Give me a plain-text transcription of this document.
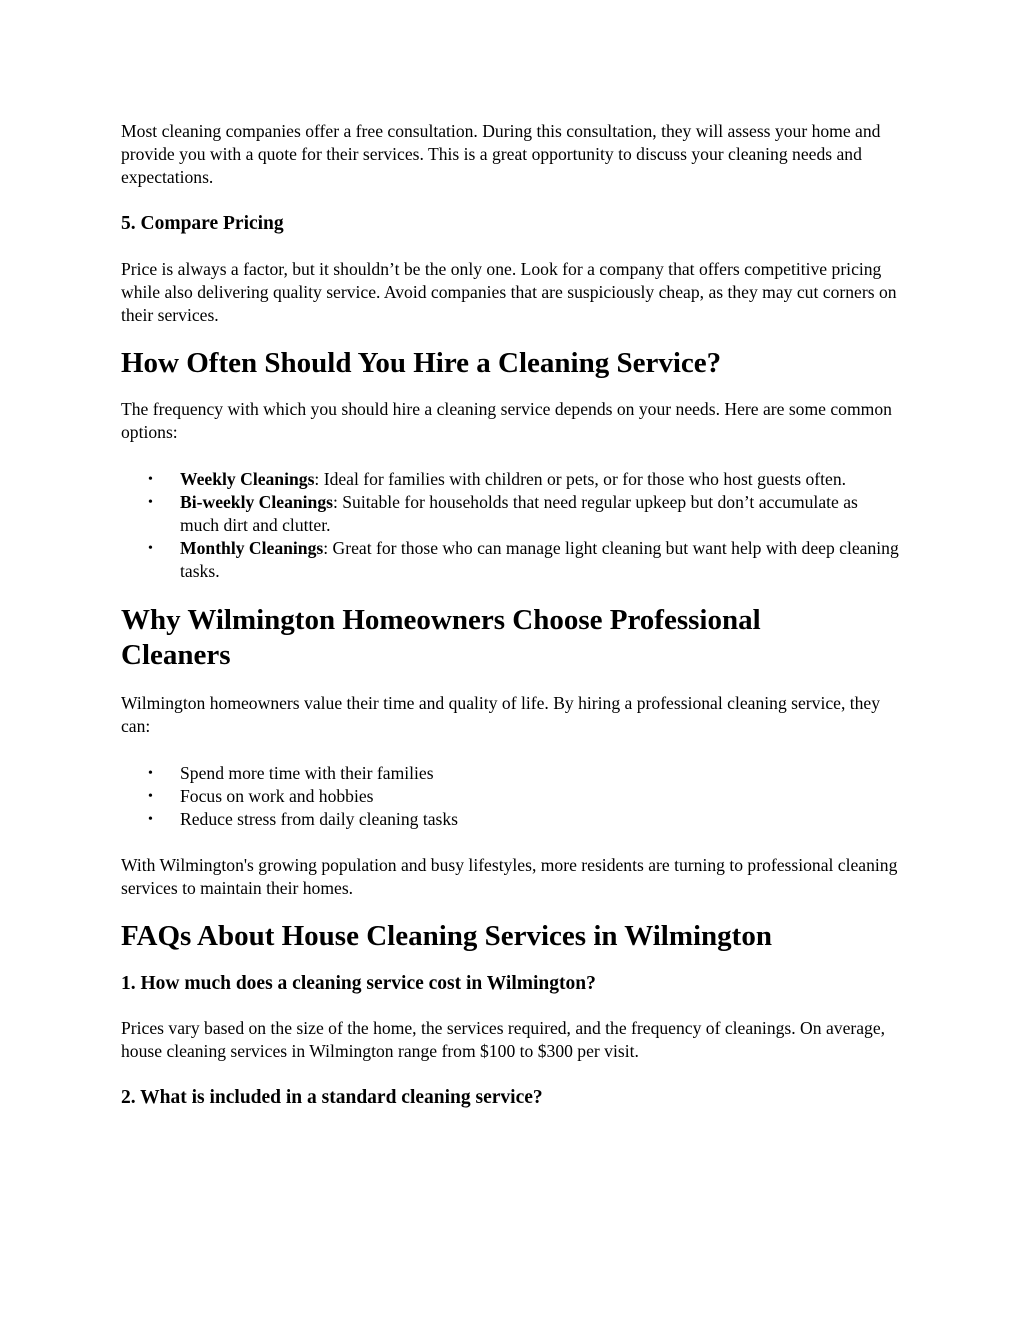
Most cleaning companies offer a free consultation. During this consultation, they will assess your home and provide you with a quote for their services. This is a great opportunity to discuss your cleaning needs and expectations.

5. Compare Pricing

Price is always a factor, but it shouldn’t be the only one. Look for a company that offers competitive pricing while also delivering quality service. Avoid companies that are suspiciously cheap, as they may cut corners on their services.

How Often Should You Hire a Cleaning Service?

The frequency with which you should hire a cleaning service depends on your needs. Here are some common options:

• Weekly Cleanings: Ideal for families with children or pets, or for those who host guests often.
• Bi-weekly Cleanings: Suitable for households that need regular upkeep but don’t accumulate as much dirt and clutter.
• Monthly Cleanings: Great for those who can manage light cleaning but want help with deep cleaning tasks.
Why Wilmington Homeowners Choose Professional Cleaners

Wilmington homeowners value their time and quality of life. By hiring a professional cleaning service, they can:

• Spend more time with their families
• Focus on work and hobbies
• Reduce stress from daily cleaning tasks

With Wilmington's growing population and busy lifestyles, more residents are turning to professional cleaning services to maintain their homes.

FAQs About House Cleaning Services in Wilmington
1. How much does a cleaning service cost in Wilmington?

Prices vary based on the size of the home, the services required, and the frequency of cleanings. On average, house cleaning services in Wilmington range from $100 to $300 per visit.

2. What is included in a standard cleaning service?
